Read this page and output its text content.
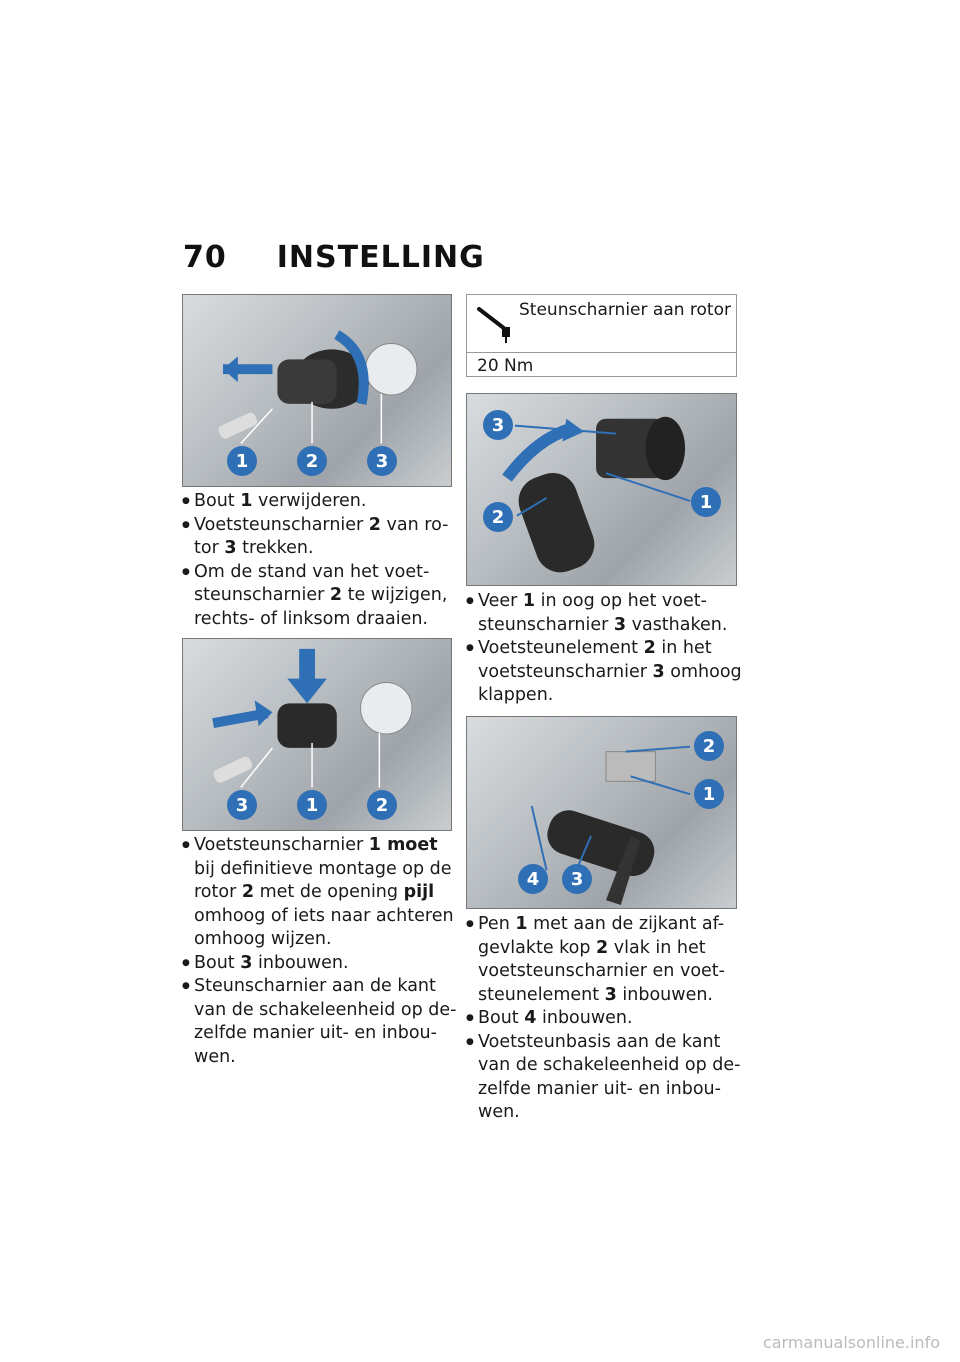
70 INSTELLING
1	2	3
● Bout 1 verwijderen.
● Voetsteunscharnier 2 van ro-
tor 3 trekken.
● Om de stand van het voet-
steunscharnier 2 te wijzigen,
rechts- of linksom draaien.
3	1	2
● Voetsteunscharnier 1 moet
bij definitieve montage op de
rotor 2 met de opening pijl
omhoog of iets naar achteren
omhoog wijzen.
● Bout 3 inbouwen.
● Steunscharnier aan de kant
van de schakeleenheid op de-
zelfde manier uit- en inbou-
wen.
Steunscharnier aan rotor
20 Nm
3
2
1
● Veer 1 in oog op het voet-
steunscharnier 3 vasthaken.
● Voetsteunelement 2 in het
voetsteunscharnier 3 omhoog
klappen.
2
1
4	3
● Pen 1 met aan de zijkant af-
gevlakte kop 2 vlak in het
voetsteunscharnier en voet-
steunelement 3 inbouwen.
● Bout 4 inbouwen.
● Voetsteunbasis aan de kant
van de schakeleenheid op de-
zelfde manier uit- en inbou-
wen.
carmanualsonline.info
